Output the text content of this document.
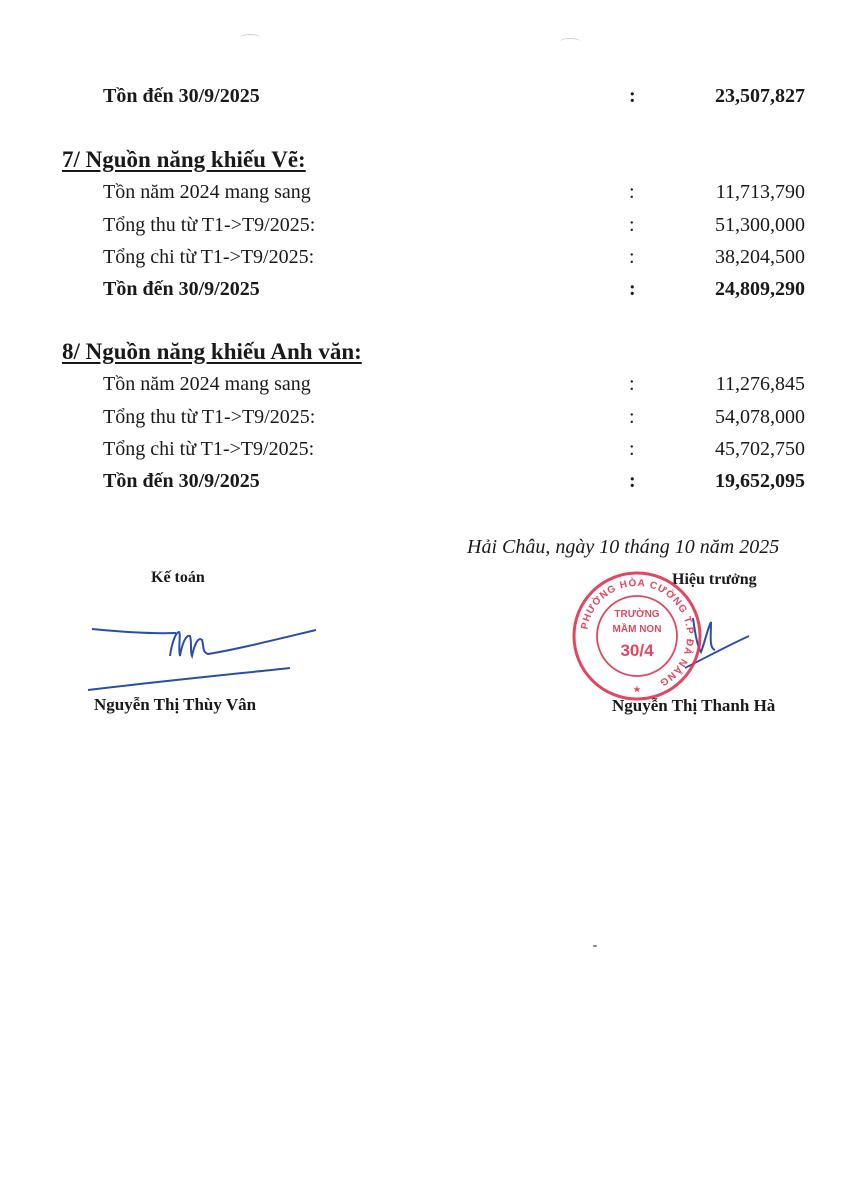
Tồn đến 30/9/2025	:	23,507,827
7/ Nguồn năng khiếu Vẽ:
Tồn năm 2024 mang sang	:	11,713,790
Tổng thu từ T1->T9/2025:	:	51,300,000
Tổng chi từ T1->T9/2025:	:	38,204,500
Tồn đến 30/9/2025	:	24,809,290
8/ Nguồn năng khiếu Anh văn:
Tồn năm 2024 mang sang	:	11,276,845
Tổng thu từ T1->T9/2025:	:	54,078,000
Tổng chi từ T1->T9/2025:	:	45,702,750
Tồn đến 30/9/2025	:	19,652,095
Hải Châu, ngày 10 tháng 10 năm 2025
Kế toán
Nguyễn Thị Thùy Vân
Hiệu trưởng
PHƯỜNG HÒA CƯỜNG T.P ĐÀ NẴNG
TRƯỜNG
MẦM NON
30/4
★
Nguyễn Thị Thanh Hà
